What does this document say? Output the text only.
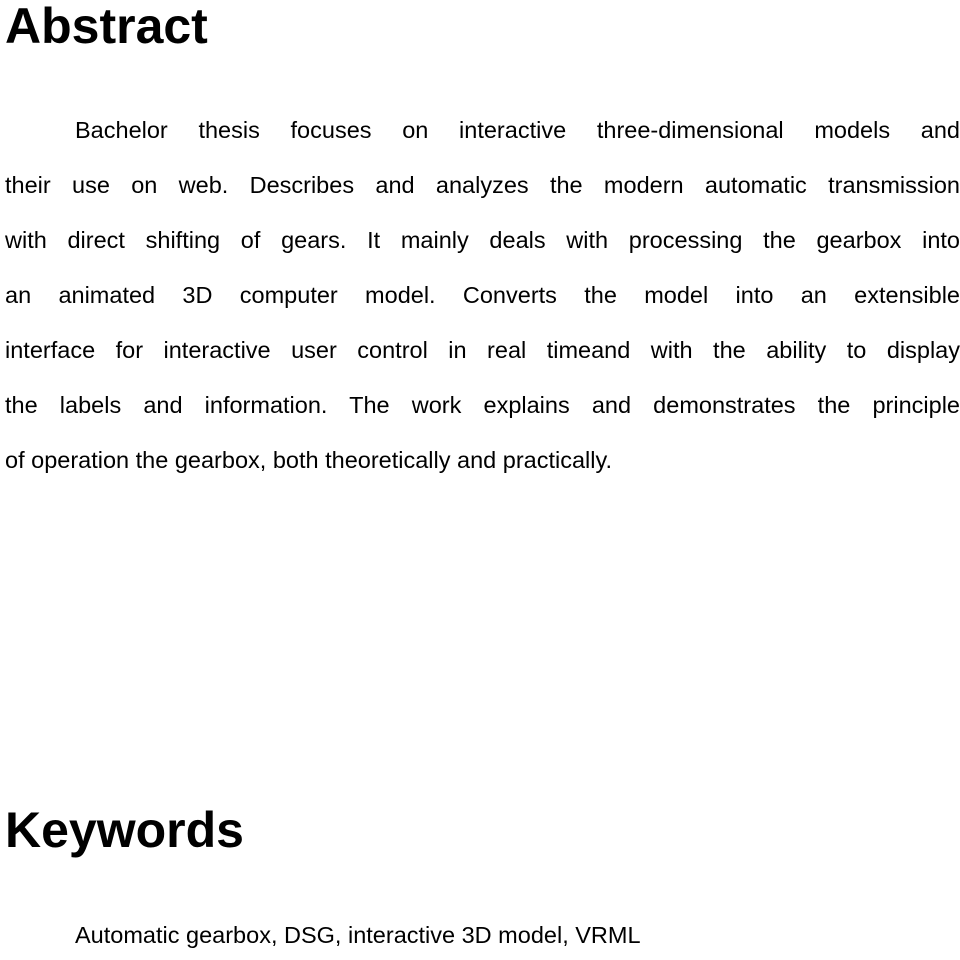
Abstract
Bachelor thesis focuses on interactive three-dimensional models and
their use on web. Describes and analyzes the modern automatic transmission
with direct shifting of gears. It mainly deals with processing the gearbox into
an animated 3D computer model. Converts the model into an extensible
interface for interactive user control in real timeand with the ability to display
the labels and information. The work explains and demonstrates the principle
of operation the gearbox, both theoretically and practically.
Keywords

Automatic gearbox, DSG, interactive 3D model, VRML
